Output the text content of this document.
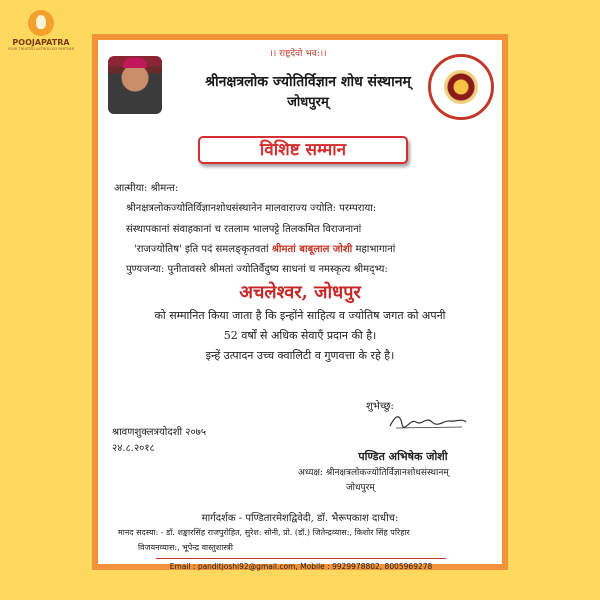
POOJAPATRA
YOUR TRUSTED ASTROLOGY PARTNER	।। राष्ट्रदेवो भव:।।
श्रीनक्षत्रलोक ज्योतिर्विज्ञान शोध संस्थानम्
जोधपुरम्
विशिष्ट सम्मान
आत्मीया: श्रीमन्त:
श्रीनक्षत्रलोकज्योतिर्विज्ञानशोधसंस्थानेन मालवाराज्य ज्योति: परम्पराया:
संस्थापकानां संवाहकानां च रतलाम भालपट्टे तिलकमित विराजनानां
'राजज्योतिष' इति पदं समलङ्कृतवतां श्रीमतां बाबूलाल जोशी महाभागानां
पुण्यजन्या: पुनीतावसरे श्रीमतां ज्योतिर्वैदुष्य साधनां च नमस्कृत्य श्रीमद्भ्य:
अचलेश्वर, जोधपुर
को सम्मानित किया जाता है कि इन्होंने साहित्य व ज्योतिष जगत को अपनी
52 वर्षों से अधिक सेवाएँ प्रदान की है।
इन्हें उत्पादन उच्च क्वालिटी व गुणवत्ता के रहे है।
शुभेच्छु:
श्रावणशुक्लत्रयोदशी २०७५
२४.८.२०१८
पण्डित अभिषेक जोशी
अध्यक्ष: श्रीनक्षत्रलोकज्योतिर्विज्ञानशोधसंस्थानम्
जोधपुरम्
मार्गदर्शक - पण्डितारमेशद्विवेदी, डॉ. भैरूपकाश दाधीच:
मानद सदस्या: - डॉ. शङ्कारसिंह राजपुरोहित, सुरेश: सोनी, प्रो. (डॉ.) जितेन्द्रव्यास:, किशोर सिंह परिहार
विजयनव्यास:, भूपेन्द्र वास्तुशास्त्री
Email : panditjoshi92@gmail.com, Mobile : 9929978802, 8005969278
